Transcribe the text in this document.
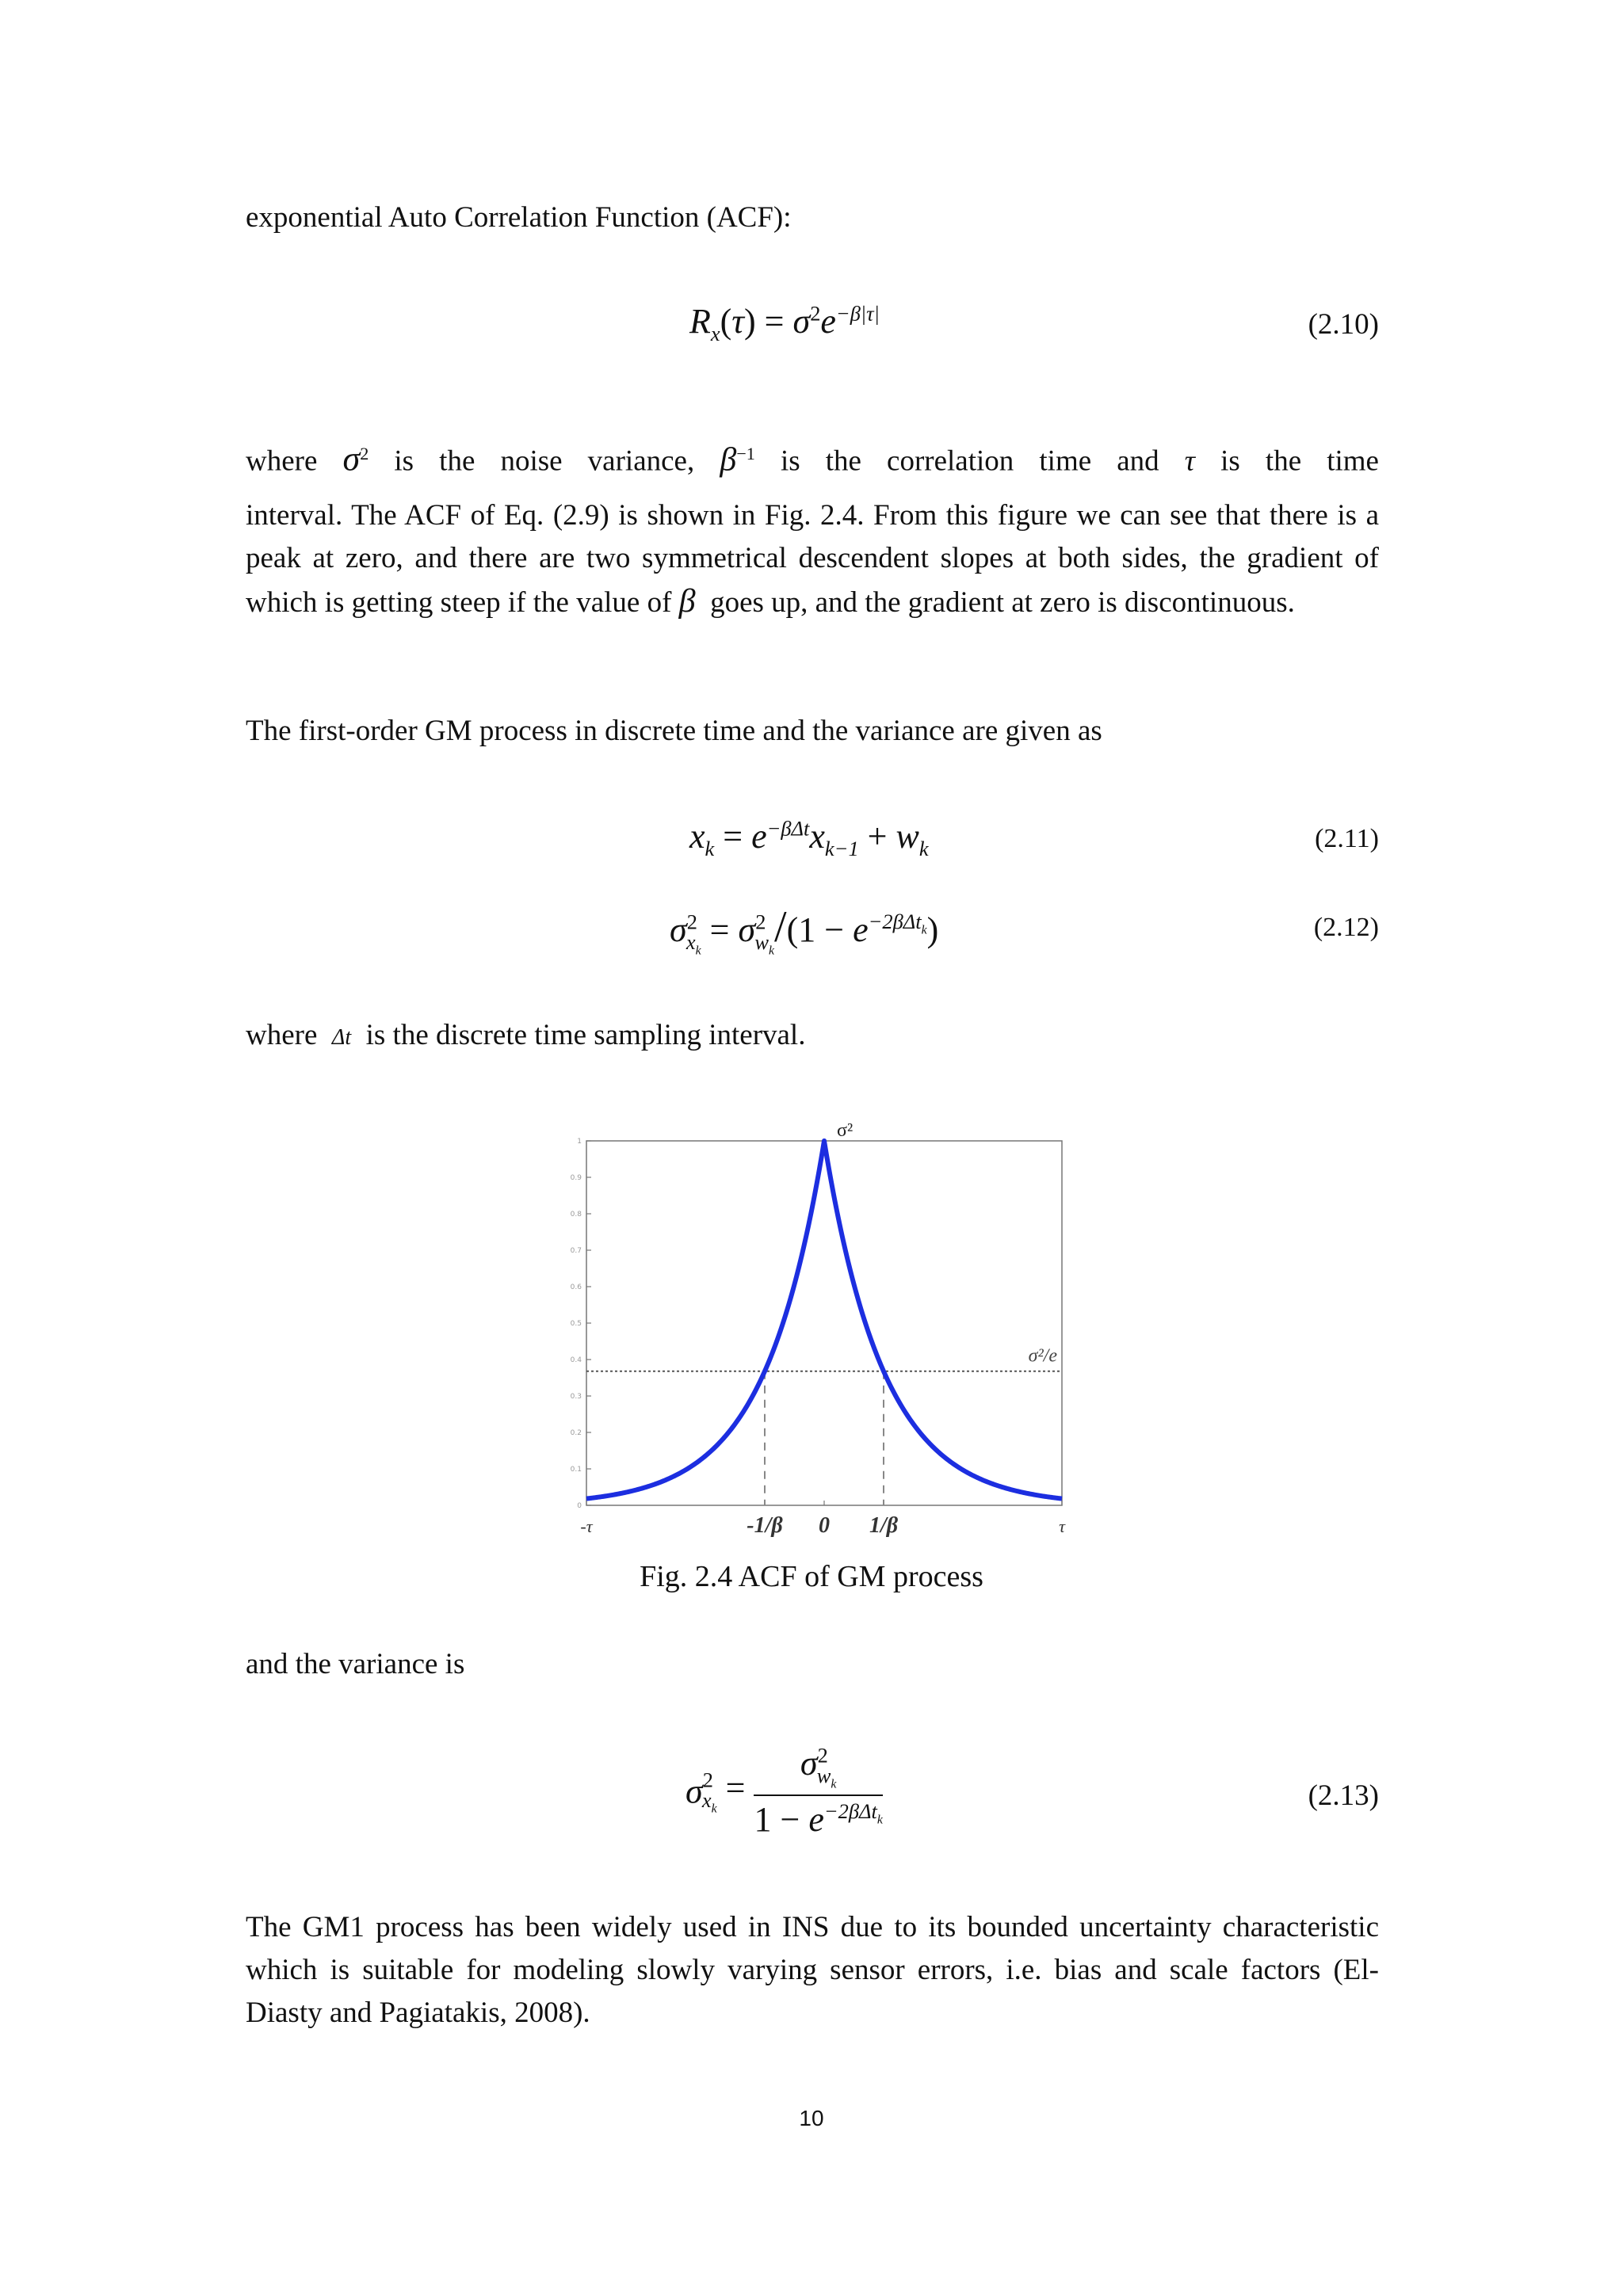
exponential Auto Correlation Function (ACF):
$R_x(\tau) = \sigma^2e^{-\beta|\tau|}$	(2.10)
where $\sigma^2$ is the noise variance, $\beta^{-1}$ is the correlation time and τ is the time
interval. The ACF of Eq. (2.9) is shown in Fig. 2.4. From this figure we can see that there is a peak at zero, and there are two symmetrical descendent slopes at both sides, the gradient of which is getting steep if the value of β goes up, and the gradient at zero is discontinuous.
The first-order GM process in discrete time and the variance are given as
$x_k = e^{-\beta\Delta t}x_{k-1} + w_k$	(2.11)
$\sigma^2_{x_k} = \sigma^2_{w_k}/(1 - e^{-2\beta\Delta t_k})$	(2.12)
where Δt is the discrete time sampling interval.
0
0.1
0.2
0.3
0.4
0.5
0.6
0.7
0.8
0.9
1
σ²
σ²/e
-τ	-1/β 0 1/β	τ
Fig. 2.4 ACF of GM process
and the variance is
$\sigma^2_{x_k} = \frac{\sigma^2_{w_k}}{1 - e^{-2\beta\Delta t_k}}$	(2.13)
The GM1 process has been widely used in INS due to its bounded uncertainty characteristic which is suitable for modeling slowly varying sensor errors, i.e. bias and scale factors (El-Diasty and Pagiatakis, 2008).
10
